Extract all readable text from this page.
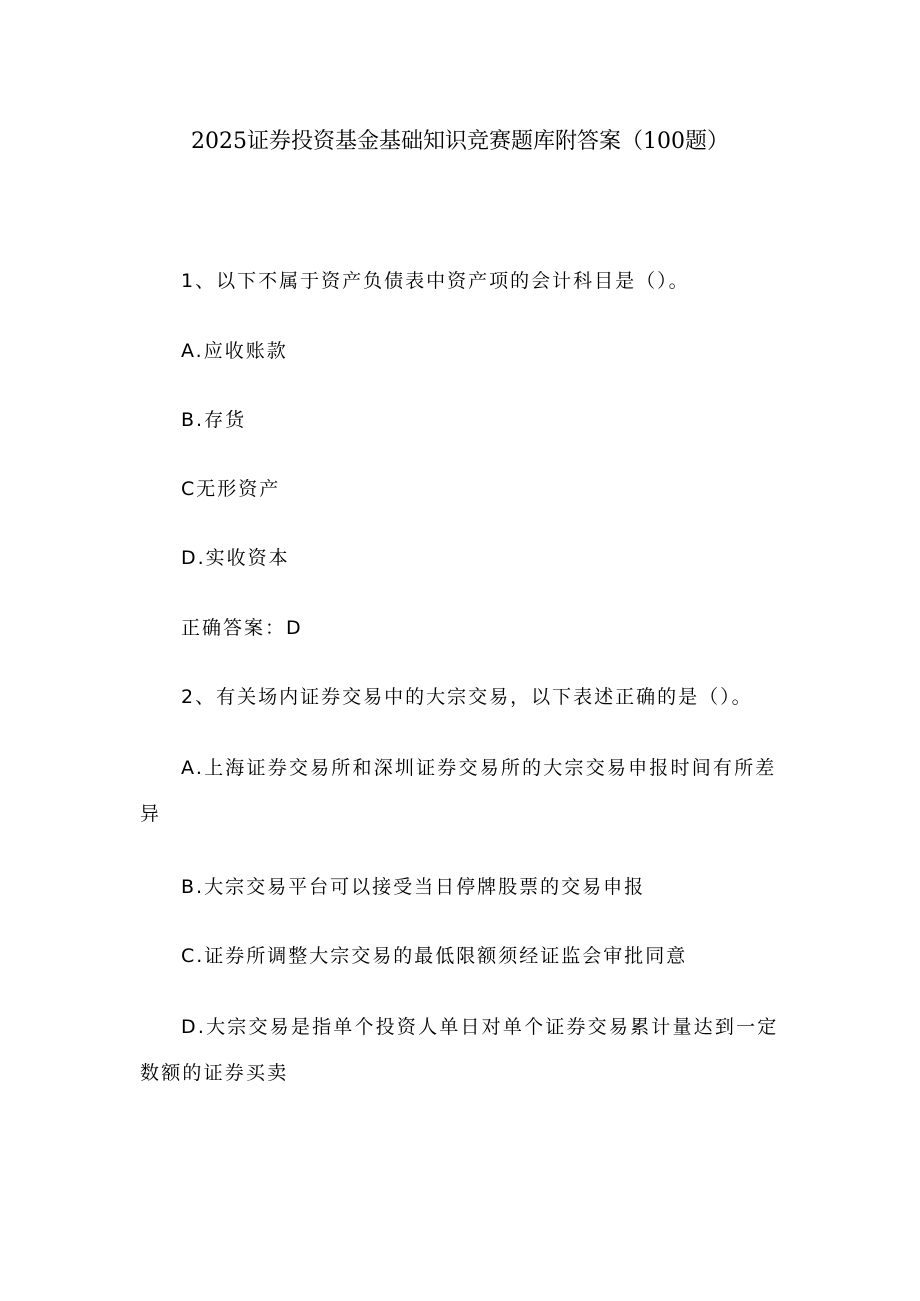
2025证券投资基金基础知识竞赛题库附答案（100题）
1、以下不属于资产负债表中资产项的会计科目是（）。
A.应收账款
B.存货
C无形资产
D.实收资本
正确答案：D
2、有关场内证券交易中的大宗交易，以下表述正确的是（）。
A.上海证券交易所和深圳证券交易所的大宗交易申报时间有所差异
B.大宗交易平台可以接受当日停牌股票的交易申报
C.证券所调整大宗交易的最低限额须经证监会审批同意
D.大宗交易是指单个投资人单日对单个证券交易累计量达到一定数额的证券买卖
